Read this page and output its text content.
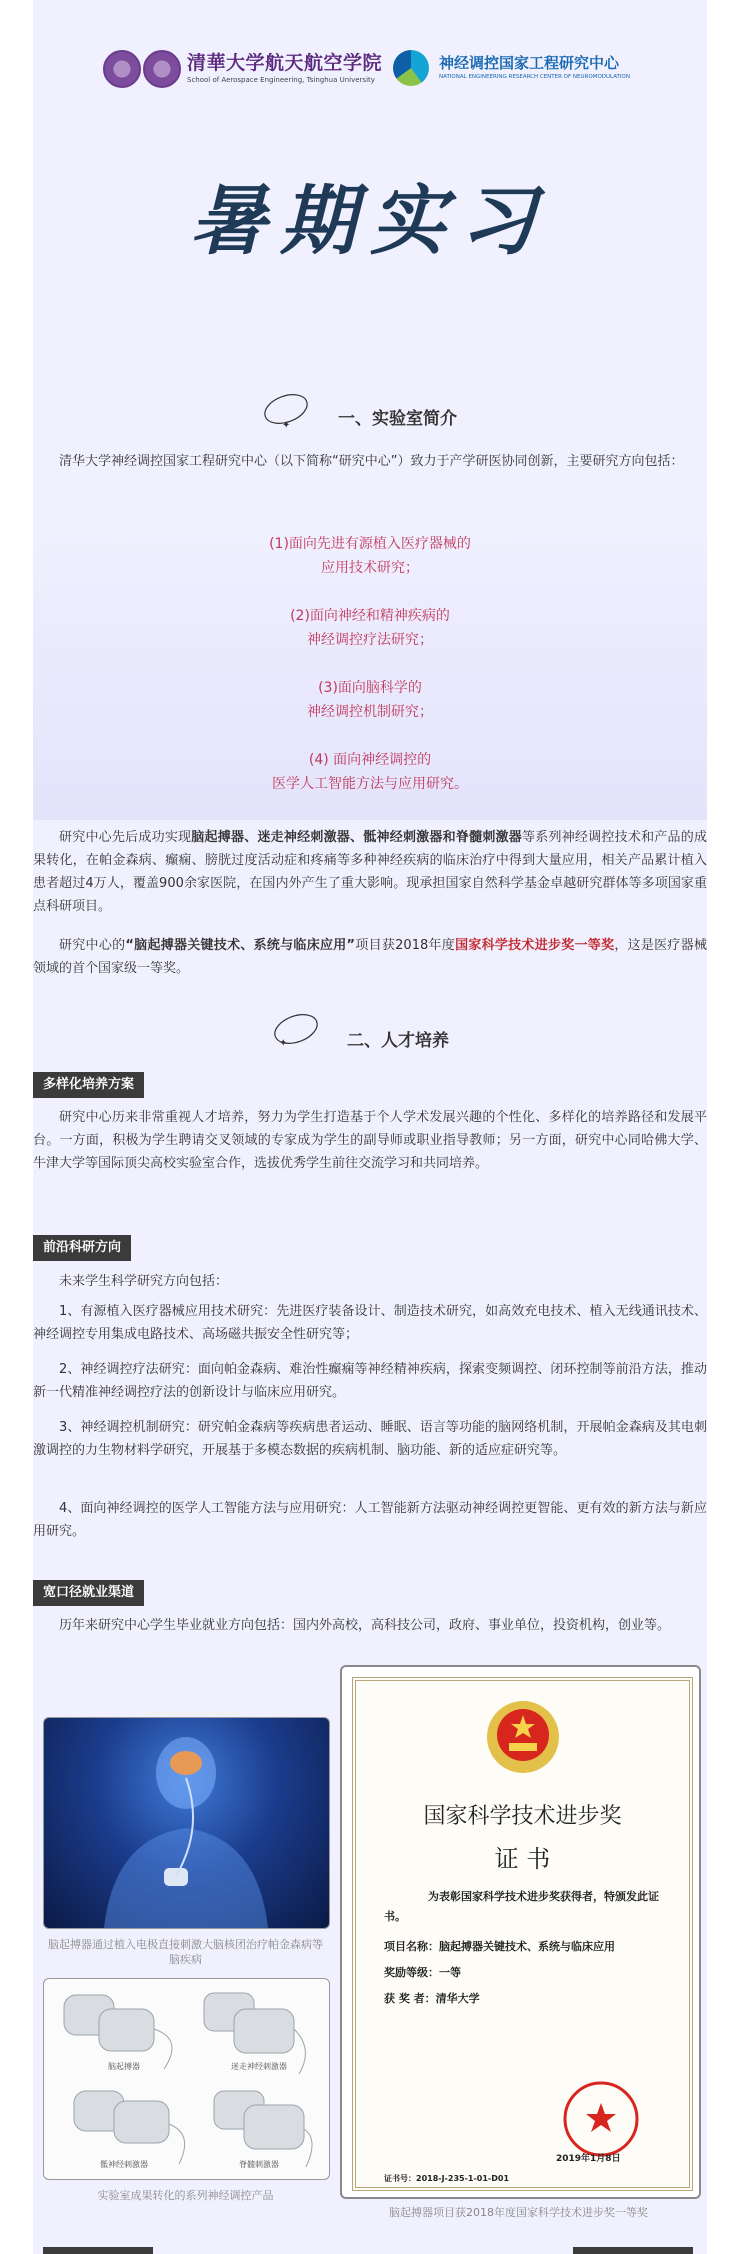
清華大学航天航空学院
School of Aerospace Engineering, Tsinghua University
神经调控国家工程研究中心
NATIONAL ENGINEERING RESEARCH CENTER OF NEUROMODULATION
暑期实习
✦	一、实验室简介

清华大学神经调控国家工程研究中心（以下简称“研究中心”）致力于产学研医协同创新，主要研究方向包括：

(1)面向先进有源植入医疗器械的
应用技术研究；
(2)面向神经和精神疾病的
神经调控疗法研究；
(3)面向脑科学的
神经调控机制研究；
(4) 面向神经调控的
医学人工智能方法与应用研究。

研究中心先后成功实现脑起搏器、迷走神经刺激器、骶神经刺激器和脊髓刺激器等系列神经调控技术和产品的成果转化，在帕金森病、癫痫、膀胱过度活动症和疼痛等多种神经疾病的临床治疗中得到大量应用，相关产品累计植入患者超过4万人，覆盖900余家医院，在国内外产生了重大影响。现承担国家自然科学基金卓越研究群体等多项国家重点科研项目。

研究中心的“脑起搏器关键技术、系统与临床应用”项目获2018年度国家科学技术进步奖一等奖，这是医疗器械领域的首个国家级一等奖。

✦	二、人才培养
多样化培养方案

研究中心历来非常重视人才培养，努力为学生打造基于个人学术发展兴趣的个性化、多样化的培养路径和发展平台。一方面，积极为学生聘请交叉领域的专家成为学生的副导师或职业指导教师；另一方面，研究中心同哈佛大学、牛津大学等国际顶尖高校实验室合作，选拔优秀学生前往交流学习和共同培养。

前沿科研方向

未来学生科学研究方向包括：

1、有源植入医疗器械应用技术研究：先进医疗装备设计、制造技术研究，如高效充电技术、植入无线通讯技术、神经调控专用集成电路技术、高场磁共振安全性研究等；

2、神经调控疗法研究：面向帕金森病、难治性癫痫等神经精神疾病，探索变频调控、闭环控制等前沿方法，推动新一代精准神经调控疗法的创新设计与临床应用研究。

3、神经调控机制研究：研究帕金森病等疾病患者运动、睡眠、语言等功能的脑网络机制，开展帕金森病及其电刺激调控的力生物材料学研究，开展基于多模态数据的疾病机制、脑功能、新的适应症研究等。

4、面向神经调控的医学人工智能方法与应用研究：人工智能新方法驱动神经调控更智能、更有效的新方法与新应用研究。

宽口径就业渠道

历年来研究中心学生毕业就业方向包括：国内外高校，高科技公司，政府、事业单位，投资机构，创业等。

脑起搏器通过植入电极直接刺激大脑核团治疗帕金森病等脑疾病
脑起搏器	迷走神经刺激器
骶神经刺激器	脊髓刺激器
实验室成果转化的系列神经调控产品
国家科学技术进步奖
证 书
为表彰国家科学技术进步奖获得者，特颁发此证书。
项目名称：脑起搏器关键技术、系统与临床应用
奖励等级：一等
获 奖 者：清华大学
2019年1月8日
证书号：2018-J-235-1-01-D01
脑起搏器项目获2018年度国家科学技术进步奖一等奖
